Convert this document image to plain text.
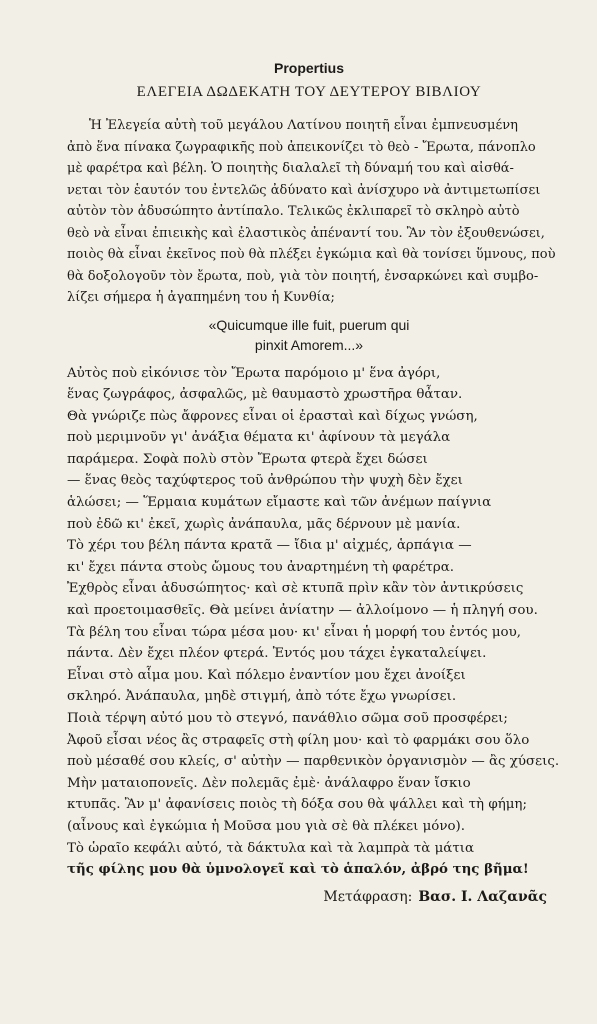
Propertius
ΕΛΕΓΕΙΑ ΔΩΔΕΚΑΤΗ ΤΟΥ ΔΕΥΤΕΡΟΥ ΒΙΒΛΙΟΥ

Ἡ Ἐλεγεία αὐτὴ τοῦ μεγάλου Λατίνου ποιητῆ εἶναι ἐμπνευσμένη

ἀπὸ ἕνα πίνακα ζωγραφικῆς ποὺ ἀπεικονίζει τὸ θεὸ - Ἔρωτα, πάνοπλο

μὲ φαρέτρα καὶ βέλη. Ὁ ποιητὴς διαλαλεῖ τὴ δύναμή του καὶ αἰσθά-

νεται τὸν ἑαυτόν του ἐντελῶς ἀδύνατο καὶ ἀνίσχυρο νὰ ἀντιμετωπίσει

αὐτὸν τὸν ἀδυσώπητο ἀντίπαλο. Τελικῶς ἐκλιπαρεῖ τὸ σκληρὸ αὐτὸ

θεὸ νὰ εἶναι ἐπιεικὴς καὶ ἐλαστικὸς ἀπέναντί του. Ἂν τὸν ἐξουθενώσει,

ποιὸς θὰ εἶναι ἐκεῖνος ποὺ θὰ πλέξει ἐγκώμια καὶ θὰ τονίσει ὕμνους, ποὺ

θὰ δοξολογοῦν τὸν ἔρωτα, ποὺ, γιὰ τὸν ποιητή, ἐνσαρκώνει καὶ συμβο-

λίζει σήμερα ἡ ἀγαπημένη του ἡ Κυνθία;

«Quicumque ille fuit, puerum qui

pinxit Amorem...»

Αὐτὸς ποὺ εἰκόνισε τὸν Ἔρωτα παρόμοιο μ' ἕνα ἀγόρι,

ἕνας ζωγράφος, ἀσφαλῶς, μὲ θαυμαστὸ χρωστῆρα θἆταν.

Θὰ γνώριζε πὼς ἄφρονες εἶναι οἱ ἐρασταὶ καὶ δίχως γνώση,

ποὺ μεριμνοῦν γι' ἀνάξια θέματα κι' ἀφίνουν τὰ μεγάλα

παράμερα. Σοφὰ πολὺ στὸν Ἔρωτα φτερὰ ἔχει δώσει

— ἕνας θεὸς ταχύφτερος τοῦ ἀνθρώπου τὴν ψυχὴ δὲν ἔχει

ἁλώσει; — Ἕρμαια κυμάτων εἴμαστε καὶ τῶν ἀνέμων παίγνια

ποὺ ἐδῶ κι' ἐκεῖ, χωρὶς ἀνάπαυλα, μᾶς δέρνουν μὲ μανία.

Τὸ χέρι του βέλη πάντα κρατᾶ — ἴδια μ' αἰχμές, ἁρπάγια —

κι' ἔχει πάντα στοὺς ὤμους του ἀναρτημένη τὴ φαρέτρα.

Ἐχθρὸς εἶναι ἀδυσώπητος· καὶ σὲ κτυπᾶ πρὶν κἂν τὸν ἀντικρύσεις

καὶ προετοιμασθεῖς. Θὰ μείνει ἀνίατην — ἀλλοίμονο — ἡ πληγή σου.

Τὰ βέλη του εἶναι τώρα μέσα μου· κι' εἶναι ἡ μορφή του ἐντός μου,

πάντα. Δὲν ἔχει πλέον φτερά. Ἐντός μου τάχει ἐγκαταλείψει.

Εἶναι στὸ αἷμα μου. Καὶ πόλεμο ἐναντίον μου ἔχει ἀνοίξει

σκληρό. Ἀνάπαυλα, μηδὲ στιγμή, ἀπὸ τότε ἔχω γνωρίσει.

Ποιὰ τέρψη αὐτό μου τὸ στεγνό, πανάθλιο σῶμα σοῦ προσφέρει;

Ἀφοῦ εἶσαι νέος ἂς στραφεῖς στὴ φίλη μου· καὶ τὸ φαρμάκι σου ὅλο

ποὺ μέσαθέ σου κλείς, σ' αὐτὴν — παρθενικὸν ὀργανισμὸν — ἂς χύσεις.

Μὴν ματαιοπονεῖς. Δὲν πολεμᾶς ἐμὲ· ἀνάλαφρο ἕναν ἴσκιο

κτυπᾶς. Ἂν μ' ἀφανίσεις ποιὸς τὴ δόξα σου θὰ ψάλλει καὶ τὴ φήμη;

(αἶνους καὶ ἐγκώμια ἡ Μοῦσα μου γιὰ σὲ θὰ πλέκει μόνο).

Τὸ ὡραῖο κεφάλι αὐτό, τὰ δάκτυλα καὶ τὰ λαμπρὰ τὰ μάτια

τῆς φίλης μου θὰ ὑμνολογεῖ καὶ τὸ ἁπαλόν, ἀβρό της βῆμα!

Μετάφραση: Βασ. Ι. Λαζανᾶς
